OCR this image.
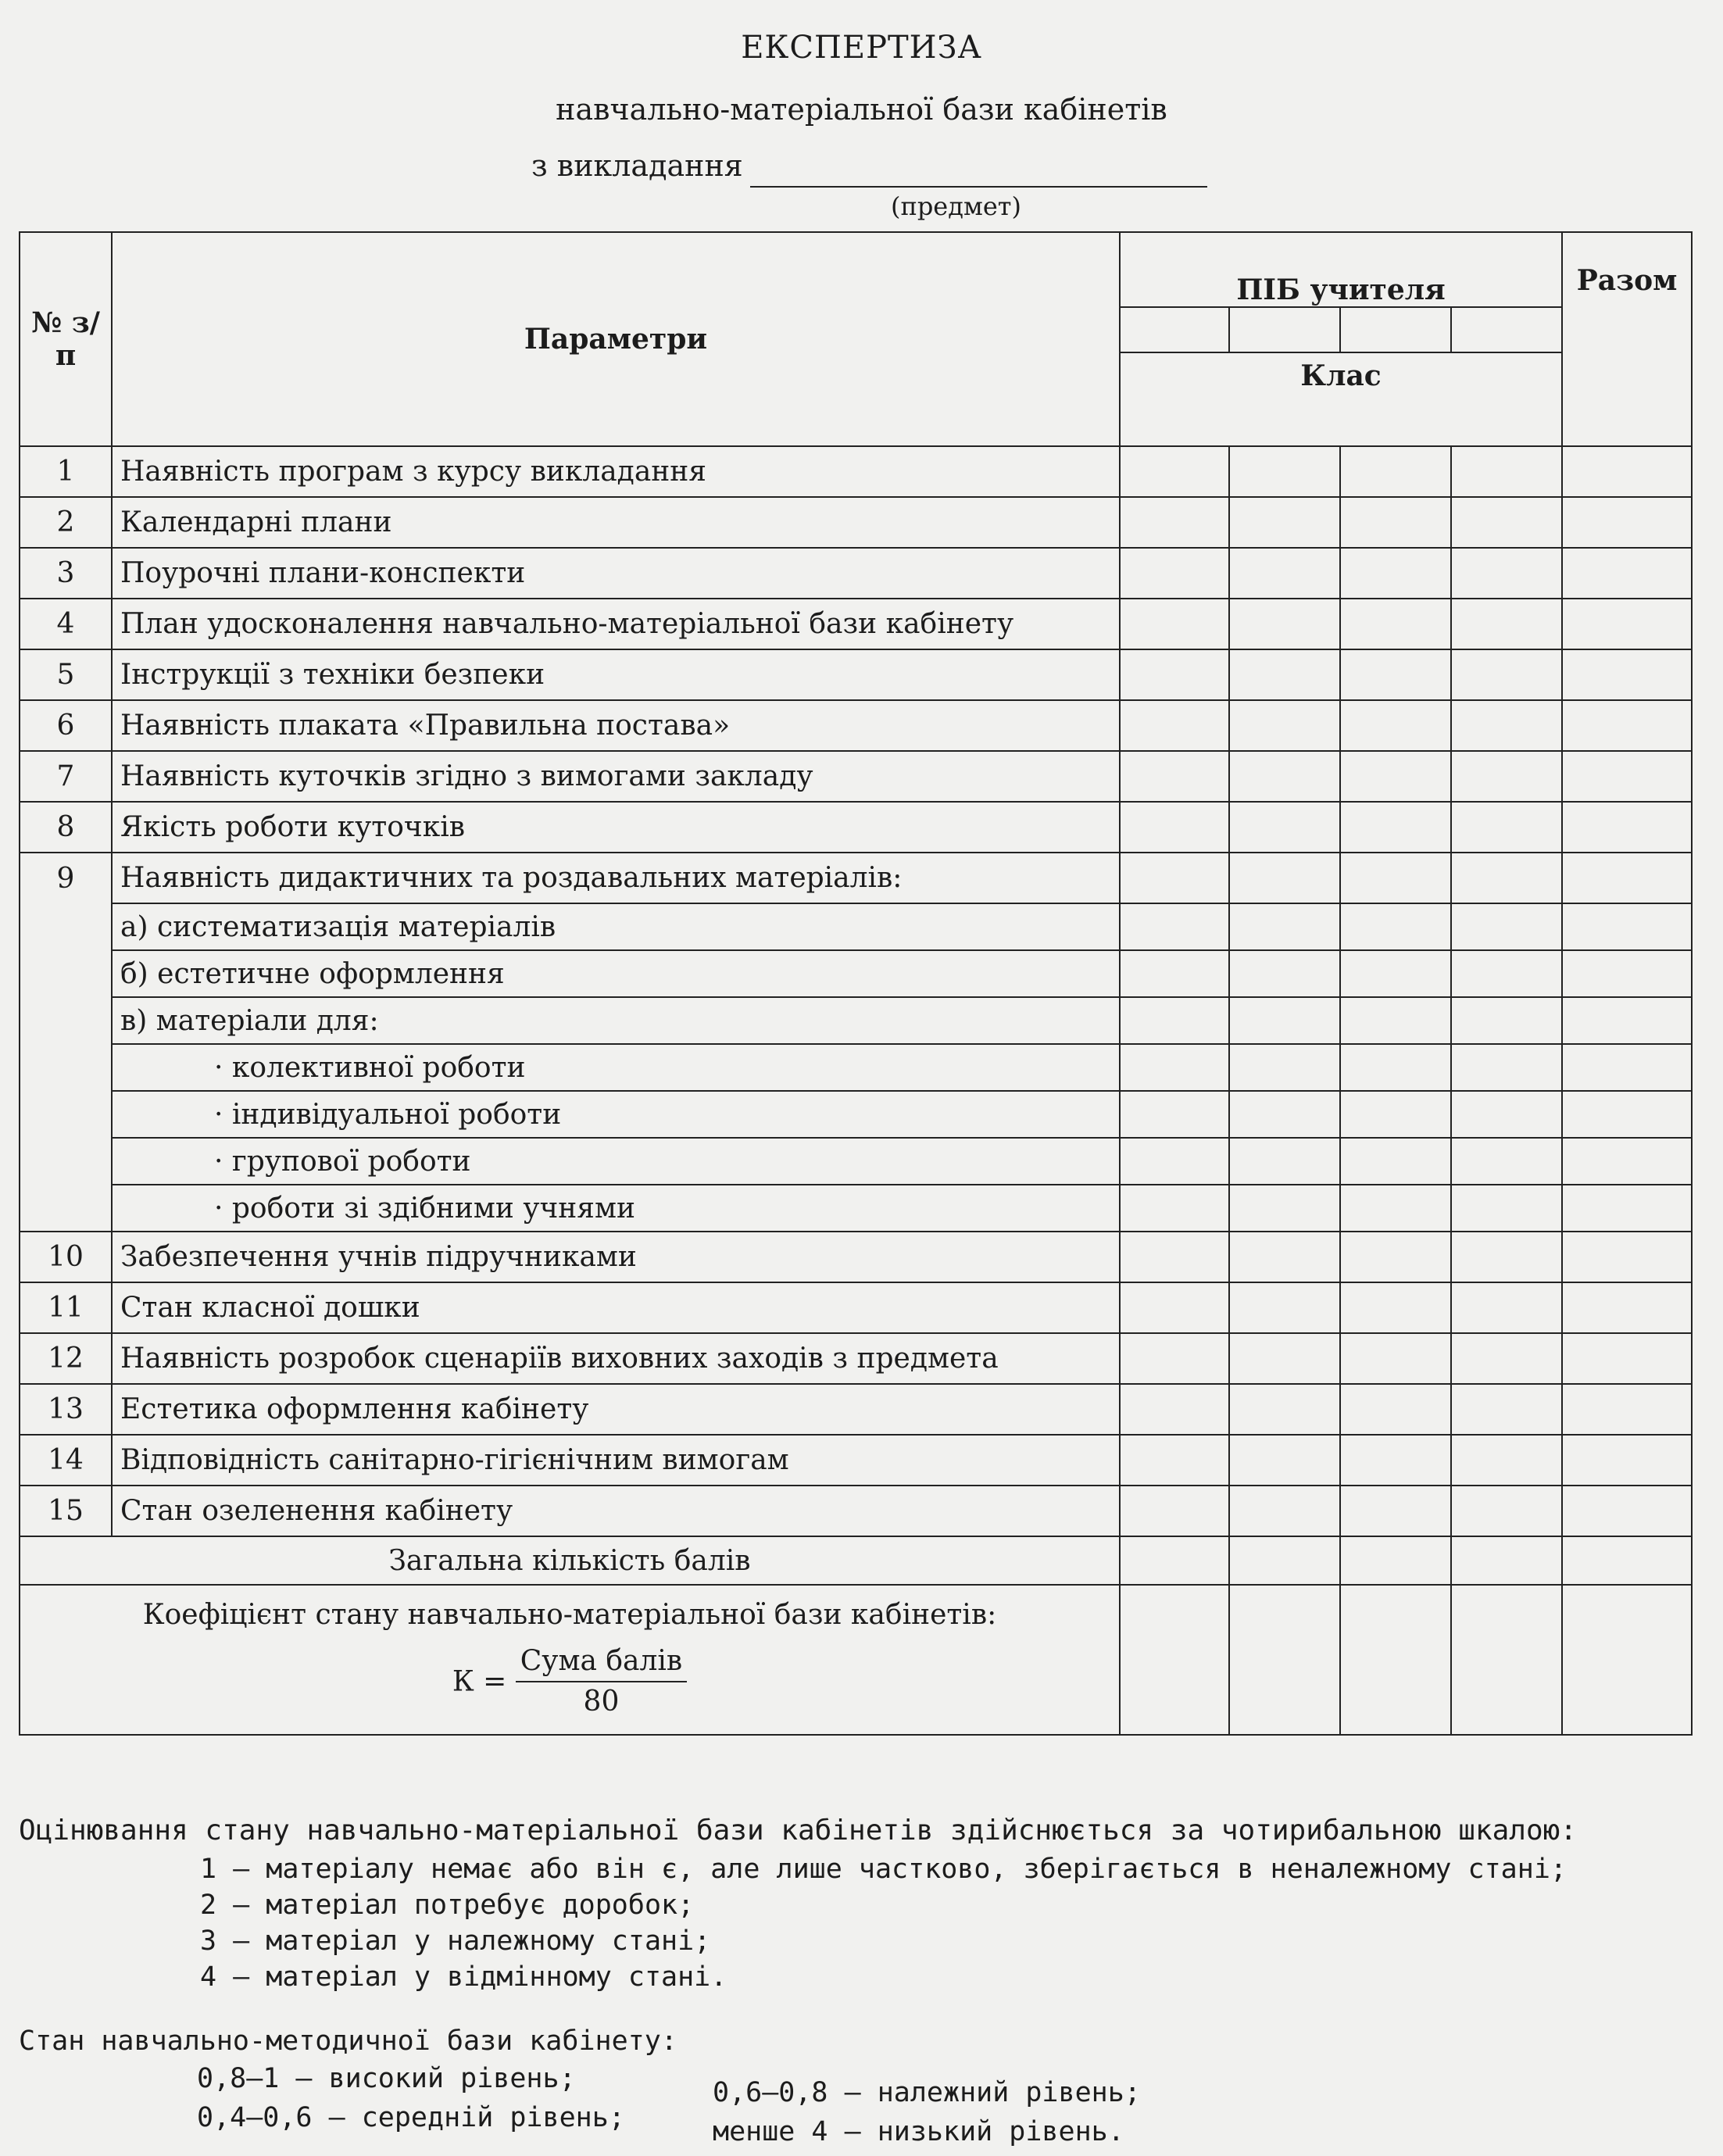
ЕКСПЕРТИЗА
навчально-матеріальної бази кабінетів
з викладання
(предмет)
№ з/п	Параметри	ПІБ учителя				Разом

		Клас				
1	Наявність програм з курсу викладання					
2	Календарні плани					
3	Поурочні плани-конспекти					
4	План удосконалення навчально-матеріальної бази кабінету					
5	Інструкції з техніки безпеки					
6	Наявність плаката «Правильна постава»					
7	Наявність куточків згідно з вимогами закладу					
8	Якість роботи куточків					
9	Наявність дидактичних та роздавальних матеріалів:					
	а) систематизація матеріалів					
	б) естетичне оформлення					
	в) матеріали для:					
	· колективної роботи					
	· індивідуальної роботи					
	· групової роботи					
	· роботи зі здібними учнями					
10	Забезпечення учнів підручниками					
11	Стан класної дошки					
12	Наявність розробок сценаріїв виховних заходів з предмета					
13	Естетика оформлення кабінету					
14	Відповідність санітарно-гігієнічним вимогам					
15	Стан озеленення кабінету					
Загальна кількість балів						

Коефіцієнт стану навчально-матеріальної бази кабінетів:
$К = \frac{\text{Сума балів}}{80}$

Оцінювання стану навчально-матеріальної бази кабінетів здійснюється за чотирибальною шкалою:
1 — матеріалу немає або він є, але лише частково, зберігається в неналежному стані;
2 — матеріал потребує доробок;
3 — матеріал у належному стані;
4 — матеріал у відмінному стані.
Стан навчально-методичної бази кабінету:
0,8–1 — високий рівень;	0,6–0,8 — належний рівень;
0,4–0,6 — середній рівень;	менше 4 — низький рівень.
